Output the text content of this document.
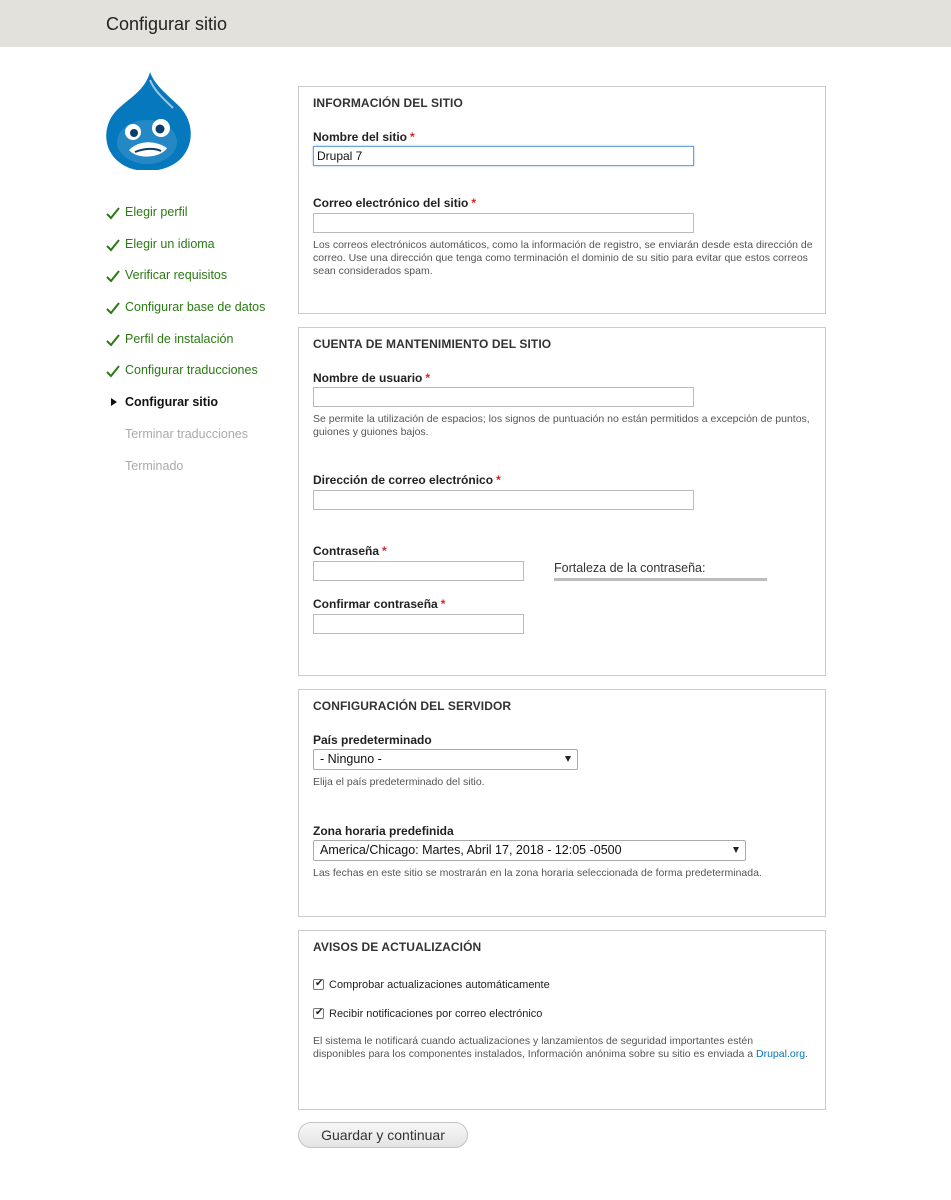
Configurar sitio
Elegir perfil
Elegir un idioma
Verificar requisitos
Configurar base de datos
Perfil de instalación
Configurar traducciones
Configurar sitio
Terminar traducciones
Terminado
INFORMACIÓN DEL SITIO
Nombre del sitio *
Drupal 7
Correo electrónico del sitio *
Los correos electrónicos automáticos, como la información de registro, se enviarán desde esta dirección de correo. Use una dirección que tenga como terminación el dominio de su sitio para evitar que estos correos sean considerados spam.
CUENTA DE MANTENIMIENTO DEL SITIO
Nombre de usuario *
Se permite la utilización de espacios; los signos de puntuación no están permitidos a excepción de puntos, guiones y guiones bajos.
Dirección de correo electrónico *
Contraseña *
Fortaleza de la contraseña:
Confirmar contraseña *
CONFIGURACIÓN DEL SERVIDOR
País predeterminado
- Ninguno -
Elija el país predeterminado del sitio.
Zona horaria predefinida
America/Chicago: Martes, Abril 17, 2018 - 12:05 -0500
Las fechas en este sitio se mostrarán en la zona horaria seleccionada de forma predeterminada.
AVISOS DE ACTUALIZACIÓN
✔Comprobar actualizaciones automáticamente
✔Recibir notificaciones por correo electrónico
El sistema le notificará cuando actualizaciones y lanzamientos de seguridad importantes estén disponibles para los componentes instalados, Información anónima sobre su sitio es enviada a Drupal.org.
Guardar y continuar
